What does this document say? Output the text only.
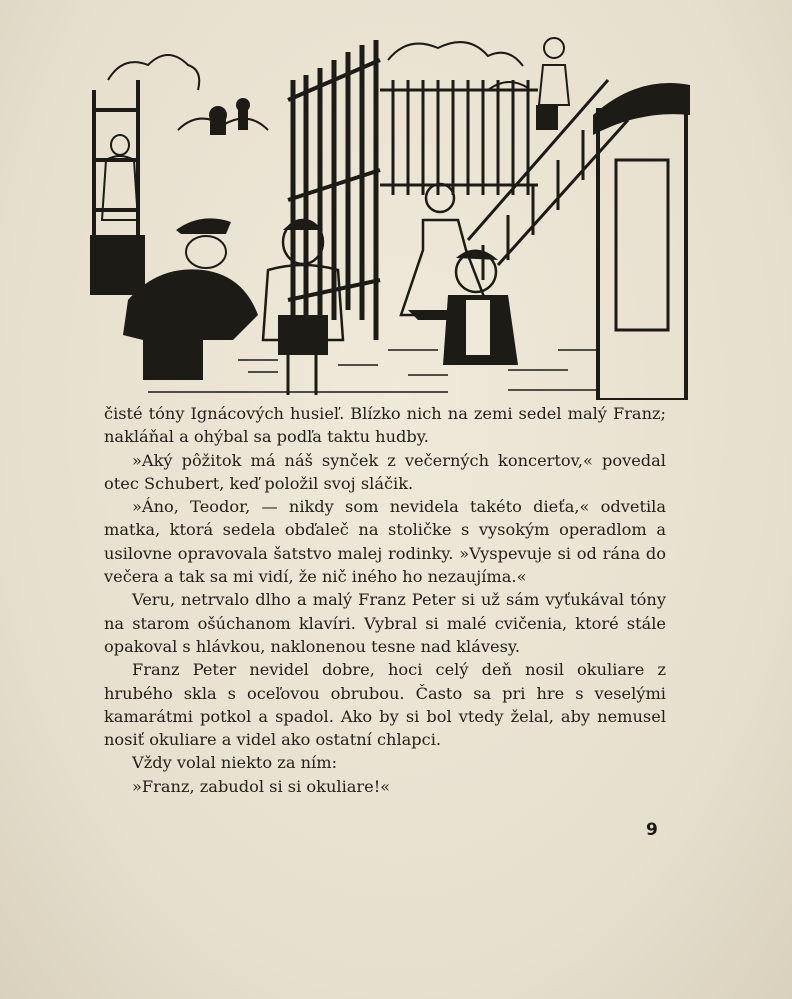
čisté tóny Ignácových husieľ. Blízko nich na zemi sedel malý Franz; nakláňal a ohýbal sa podľa taktu hudby.

»Aký pôžitok má náš synček z večerných koncertov,« povedal otec Schubert, keď položil svoj sláčik.

»Áno, Teodor, — nikdy som nevidela takéto dieťa,« odvetila matka, ktorá sedela obďaleč na stoličke s vysokým operadlom a usilovne opravovala šatstvo malej rodinky. »Vyspevuje si od rána do večera a tak sa mi vidí, že nič iného ho nezaujíma.«

Veru, netrvalo dlho a malý Franz Peter si už sám vyťukával tóny na starom ošúchanom klavíri. Vybral si malé cvičenia, ktoré stále opakoval s hlávkou, naklonenou tesne nad klávesy.

Franz Peter nevidel dobre, hoci celý deň nosil okuliare z hrubého skla s oceľovou obrubou. Často sa pri hre s veselými kamarátmi potkol a spadol. Ako by si bol vtedy želal, aby nemusel nosiť okuliare a videl ako ostatní chlapci.

Vždy volal niekto za ním:

»Franz, zabudol si si okuliare!«

9
